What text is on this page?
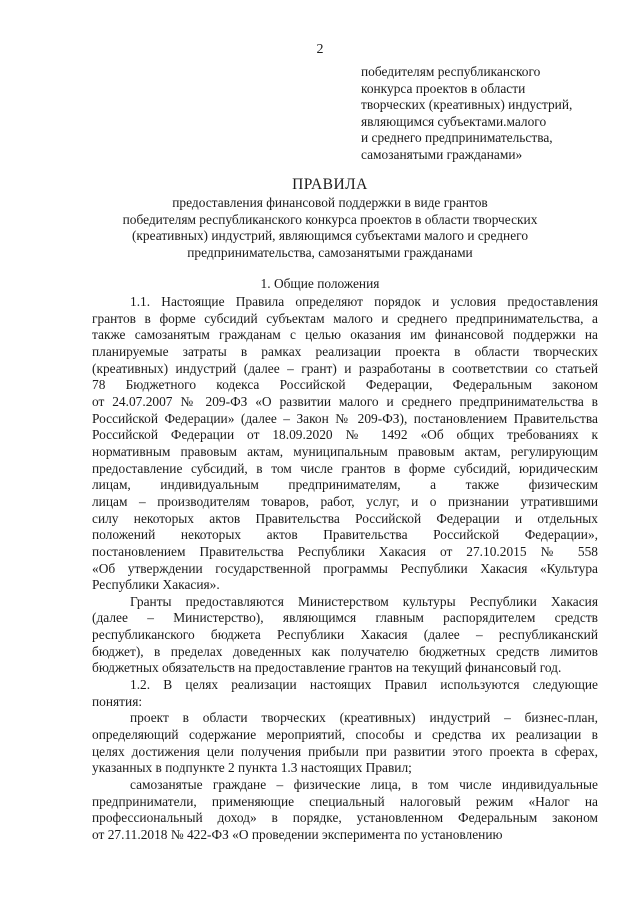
2
победителям республиканского
конкурса проектов в области
творческих (креативных) индустрий,
являющимся субъектами.малого
и среднего предпринимательства,
самозанятыми гражданами»
ПРАВИЛА
предоставления финансовой поддержки в виде грантов
победителям республиканского конкурса проектов в области творческих
(креативных) индустрий, являющимся субъектами малого и среднего
предпринимательства, самозанятыми гражданами
1. Общие положения

1.1. Настоящие Правила определяют порядок и условия предоставления
грантов в форме субсидий субъектам малого и среднего предпринимательства, а
также самозанятым гражданам с целью оказания им финансовой поддержки на
планируемые затраты в рамках реализации проекта в области творческих
(креативных) индустрий (далее – грант) и разработаны в соответствии со статьей
78 Бюджетного кодекса Российской Федерации, Федеральным законом
от 24.07.2007 № 209-ФЗ «О развитии малого и среднего предпринимательства в
Российской Федерации» (далее – Закон № 209-ФЗ), постановлением Правительства
Российской Федерации от 18.09.2020 № 1492 «Об общих требованиях к
нормативным правовым актам, муниципальным правовым актам, регулирующим
предоставление субсидий, в том числе грантов в форме субсидий, юридическим
лицам, индивидуальным предпринимателям, а также физическим
лицам – производителям товаров, работ, услуг, и о признании утратившими
силу некоторых актов Правительства Российской Федерации и отдельных
положений некоторых актов Правительства Российской Федерации»,
постановлением Правительства Республики Хакасия от 27.10.2015 № 558
«Об утверждении государственной программы Республики Хакасия «Культура
Республики Хакасия».

Гранты предоставляются Министерством культуры Республики Хакасия
(далее – Министерство), являющимся главным распорядителем средств
республиканского бюджета Республики Хакасия (далее – республиканский
бюджет), в пределах доведенных как получателю бюджетных средств лимитов
бюджетных обязательств на предоставление грантов на текущий финансовый год.

1.2. В целях реализации настоящих Правил используются следующие
понятия:

проект в области творческих (креативных) индустрий – бизнес-план,
определяющий содержание мероприятий, способы и средства их реализации в
целях достижения цели получения прибыли при развитии этого проекта в сферах,
указанных в подпункте 2 пункта 1.3 настоящих Правил;

самозанятые граждане – физические лица, в том числе индивидуальные
предприниматели, применяющие специальный налоговый режим «Налог на
профессиональный доход» в порядке, установленном Федеральным законом
от 27.11.2018 № 422-ФЗ «О проведении эксперимента по установлению
